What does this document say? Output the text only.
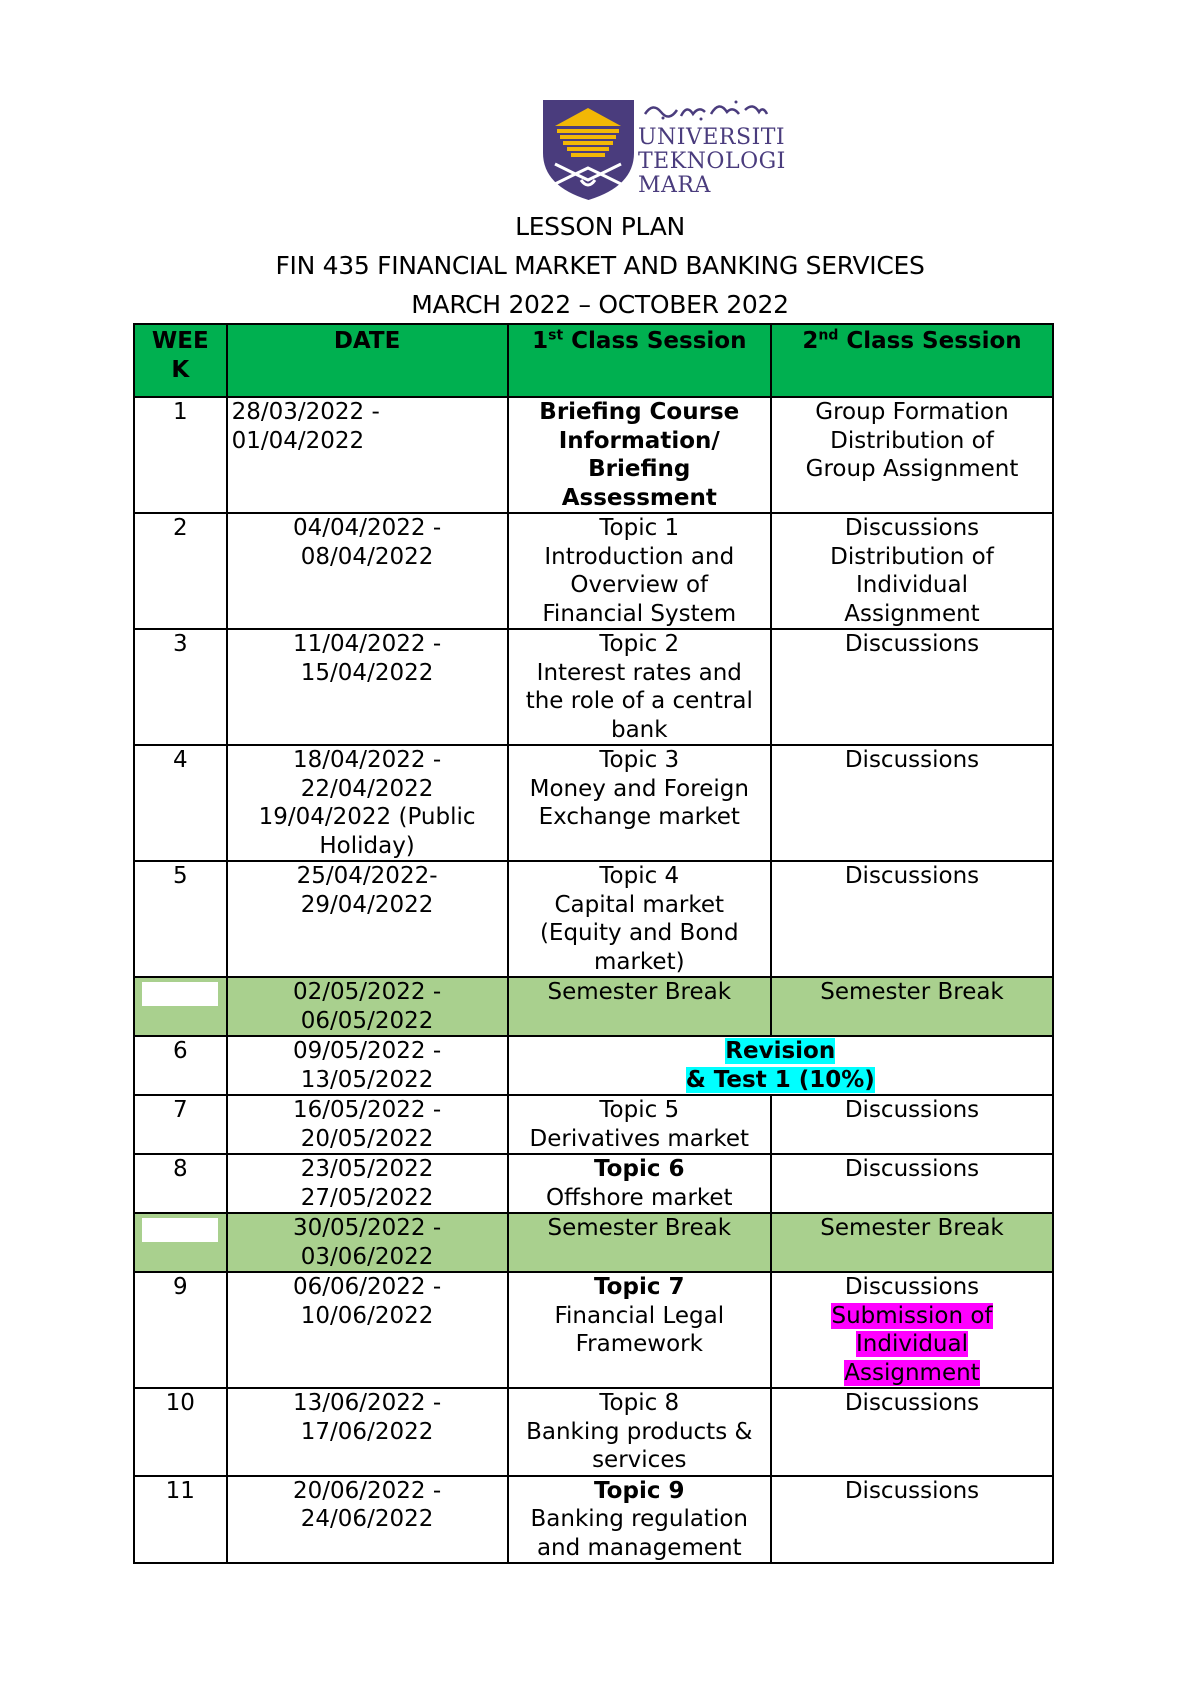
UNIVERSITI
TEKNOLOGI
MARA
LESSON PLAN
FIN 435 FINANCIAL MARKET AND BANKING SERVICES
MARCH 2022 – OCTOBER 2022
WEE
K	DATE	1st Class Session	2nd Class Session
1	28/03/2022 -
01/04/2022	Briefing Course
Information/
Briefing
Assessment	Group Formation
Distribution of
Group Assignment
2	04/04/2022 -
08/04/2022	Topic 1
Introduction and
Overview of
Financial System	Discussions
Distribution of
Individual
Assignment
3	11/04/2022 -
15/04/2022	Topic 2
Interest rates and
the role of a central
bank	Discussions
4	18/04/2022 -
22/04/2022
19/04/2022 (Public
Holiday)	Topic 3
Money and Foreign
Exchange market	Discussions
5	25/04/2022-
29/04/2022	Topic 4
Capital market
(Equity and Bond
market)	Discussions

	02/05/2022 -
06/05/2022	Semester Break	Semester Break
6	09/05/2022 -
13/05/2022	Revision
& Test 1 (10%)	
7	16/05/2022 -
20/05/2022	Topic 5
Derivatives market	Discussions
8	23/05/2022
27/05/2022	Topic 6
Offshore market	Discussions

	30/05/2022 -
03/06/2022	Semester Break	Semester Break
9	06/06/2022 -
10/06/2022	Topic 7
Financial Legal
Framework	Discussions
Submission of
Individual
Assignment
10	13/06/2022 -
17/06/2022	Topic 8
Banking products &
services	Discussions
11	20/06/2022 -
24/06/2022	Topic 9
Banking regulation
and management	Discussions
